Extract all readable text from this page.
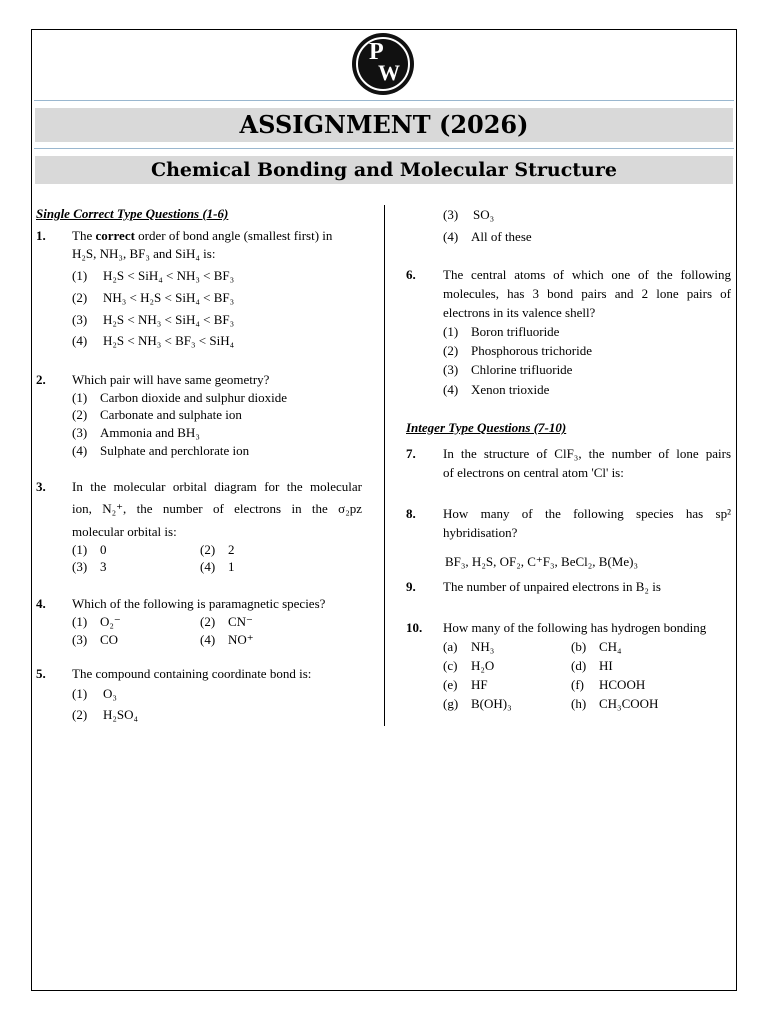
P
W
ASSIGNMENT (2026)
Chemical Bonding and Molecular Structure
Single Correct Type Questions (1-6)
1. The correct order of bond angle (smallest first) in
H₂S, NH₃, BF₃ and SiH₄ is:
(1) H₂S < SiH₄ < NH₃ < BF₃
(2) NH₃ < H₂S < SiH₄ < BF₃
(3) H₂S < NH₃ < SiH₄ < BF₃
(4) H₂S < NH₃ < BF₃ < SiH₄
2. Which pair will have same geometry?
(1) Carbon dioxide and sulphur dioxide
(2) Carbonate and sulphate ion
(3) Ammonia and BH₃
(4) Sulphate and perchlorate ion
3. In the molecular orbital diagram for the molecular
ion, N₂⁺, the number of electrons in the σ₂pz
molecular orbital is:
(1) 0	(2) 2
(3) 3	(4) 1
4. Which of the following is paramagnetic species?
(1) O₂⁻	(2) CN⁻
(3) CO	(4) NO⁺
5. The compound containing coordinate bond is:
(1) O₃
(2) H₂SO₄
(3) SO₃
(4) All of these
6. The central atoms of which one of the following
molecules, has 3 bond pairs and 2 lone pairs of
electrons in its valence shell?
(1) Boron trifluoride
(2) Phosphorous trichoride
(3) Chlorine trifluoride
(4) Xenon trioxide
Integer Type Questions (7-10)
7. In the structure of ClF₃, the number of lone pairs
of electrons on central atom 'Cl' is:
8. How many of the following species has sp²
hybridisation?
BF₃, H₂S, OF₂, C⁺F₃, BeCl₂, B(Me)₃
9. The number of unpaired electrons in B₂ is
10. How many of the following has hydrogen bonding
(a) NH₃	(b) CH₄
(c) H₂O	(d) HI
(e) HF	(f) HCOOH
(g) B(OH)₃	(h) CH₃COOH
